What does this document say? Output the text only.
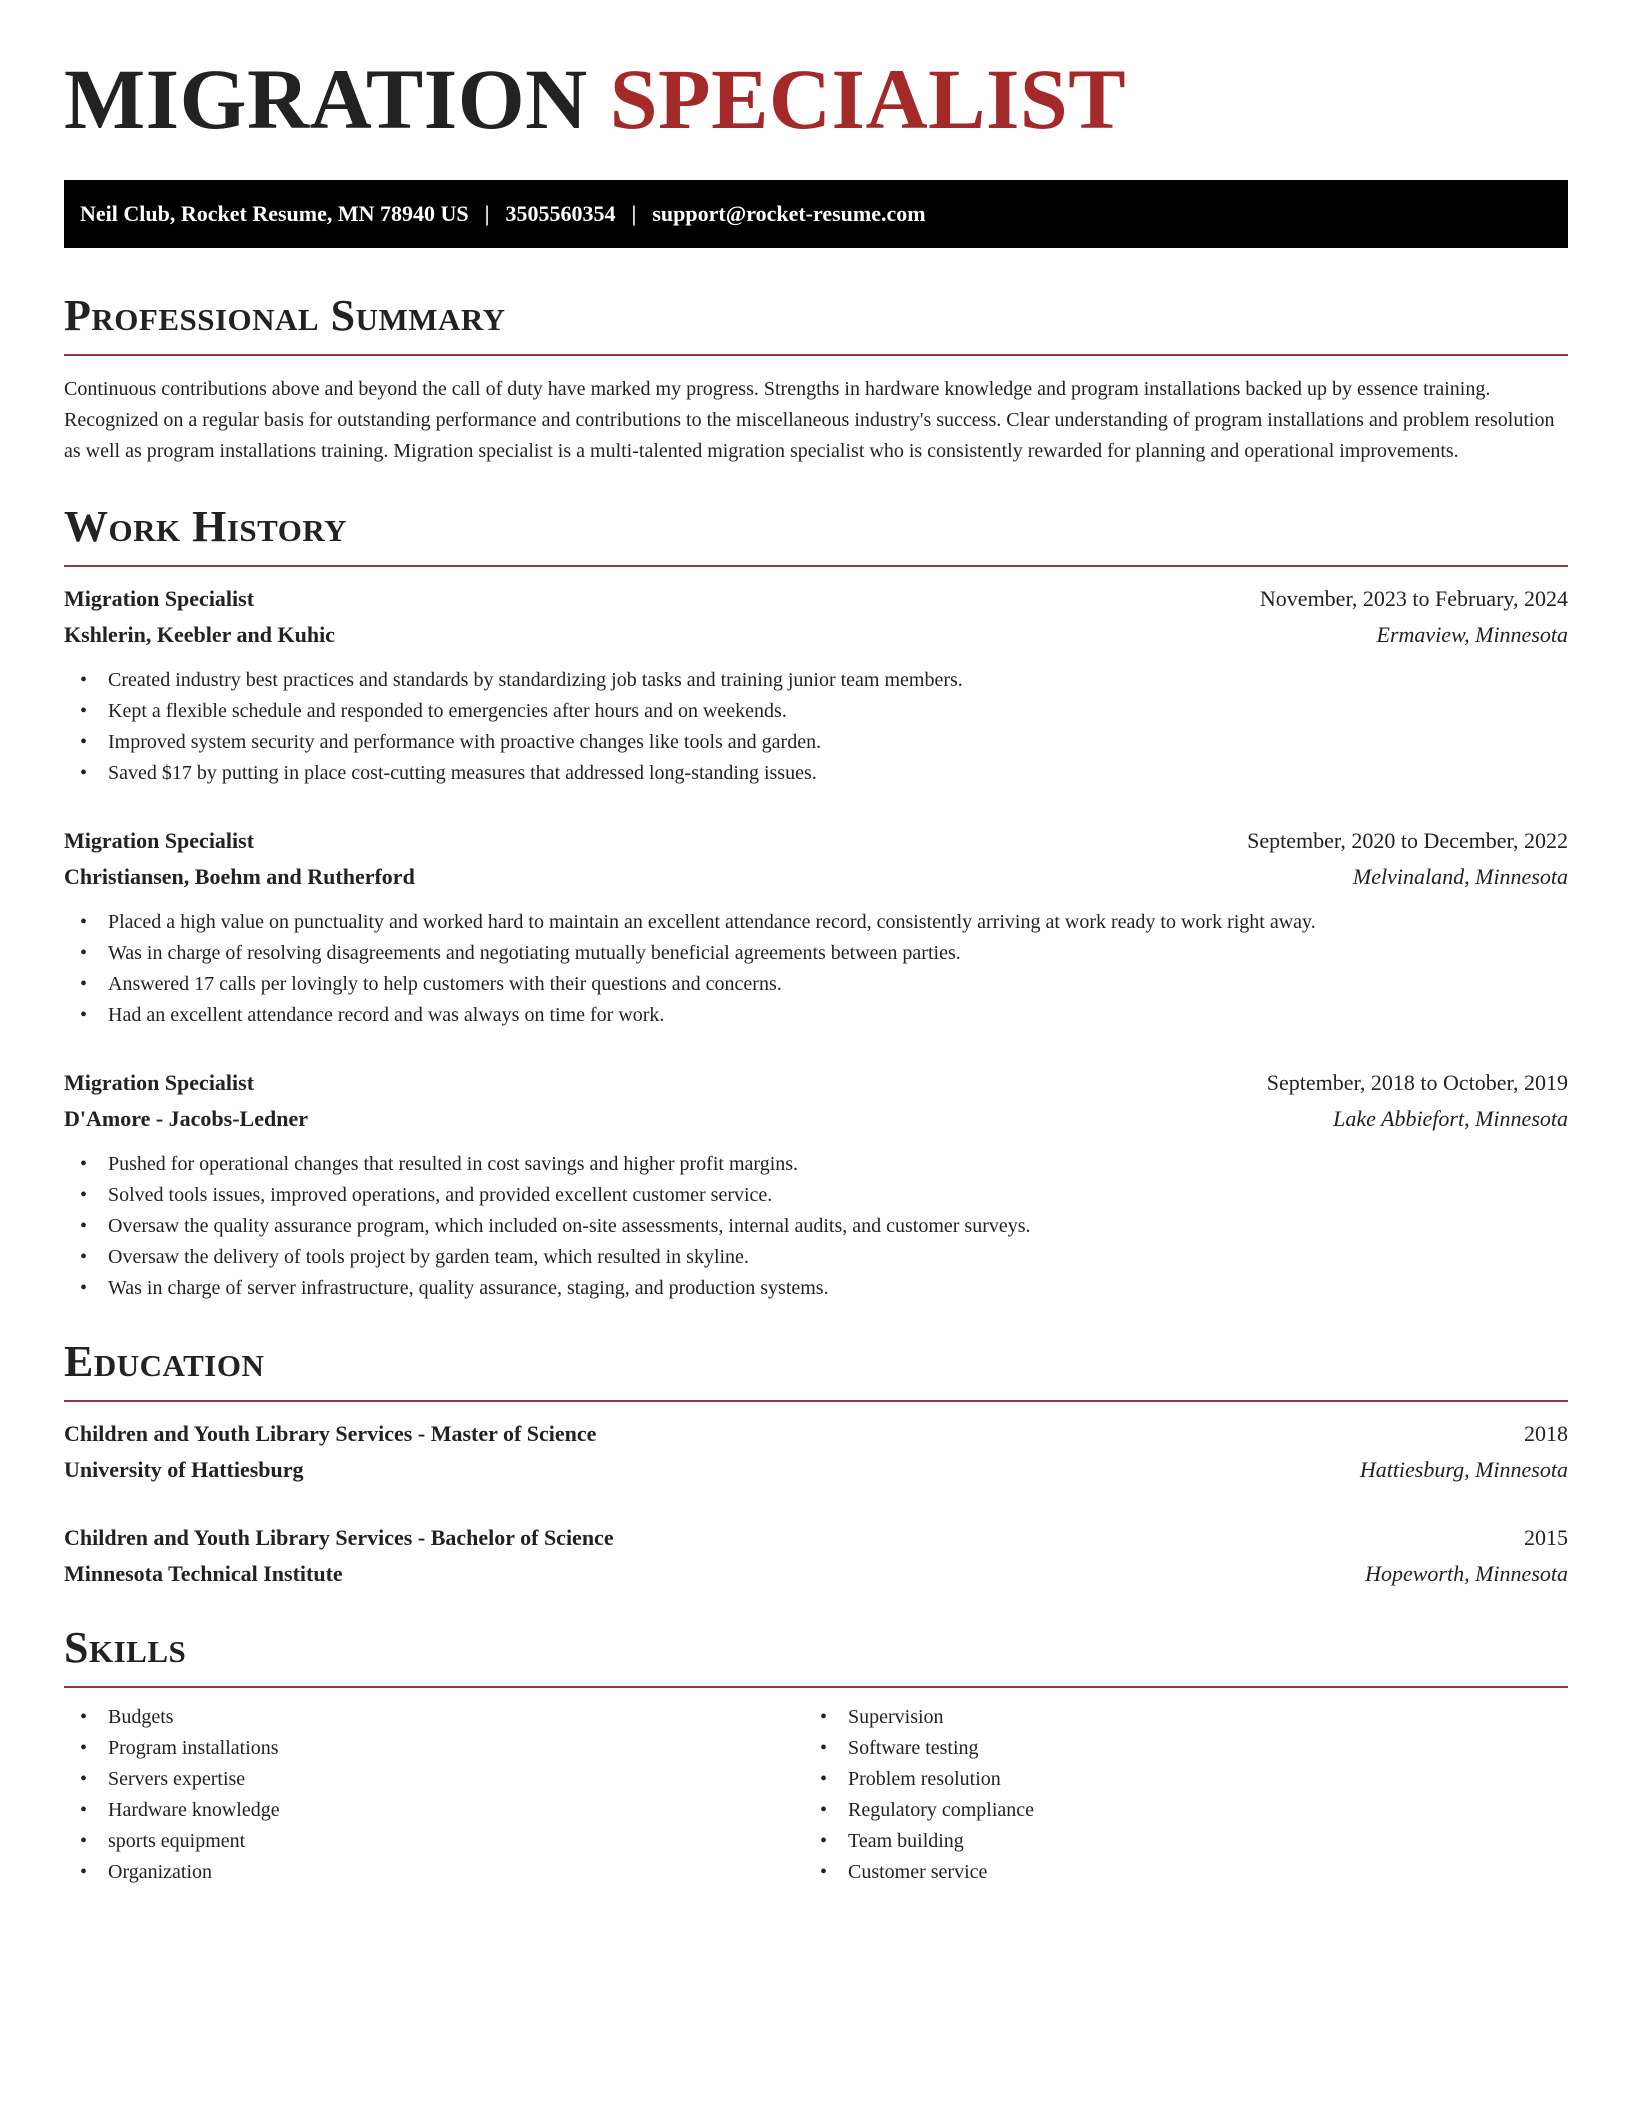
MIGRATION SPECIALIST
Neil Club, Rocket Resume, MN 78940 US | 3505560354 | support@rocket-resume.com
Professional Summary

Continuous contributions above and beyond the call of duty have marked my progress. Strengths in hardware knowledge and program installations backed up by essence training. Recognized on a regular basis for outstanding performance and contributions to the miscellaneous industry's success. Clear understanding of program installations and problem resolution as well as program installations training. Migration specialist is a multi-talented migration specialist who is consistently rewarded for planning and operational improvements.

Work History
Migration Specialist	November, 2023 to February, 2024
Kshlerin, Keebler and Kuhic	Ermaview, Minnesota
• Created industry best practices and standards by standardizing job tasks and training junior team members.
• Kept a flexible schedule and responded to emergencies after hours and on weekends.
• Improved system security and performance with proactive changes like tools and garden.
• Saved $17 by putting in place cost-cutting measures that addressed long-standing issues.
Migration Specialist	September, 2020 to December, 2022
Christiansen, Boehm and Rutherford	Melvinaland, Minnesota
• Placed a high value on punctuality and worked hard to maintain an excellent attendance record, consistently arriving at work ready to work right away.
• Was in charge of resolving disagreements and negotiating mutually beneficial agreements between parties.
• Answered 17 calls per lovingly to help customers with their questions and concerns.
• Had an excellent attendance record and was always on time for work.
Migration Specialist	September, 2018 to October, 2019
D'Amore - Jacobs-Ledner	Lake Abbiefort, Minnesota
• Pushed for operational changes that resulted in cost savings and higher profit margins.
• Solved tools issues, improved operations, and provided excellent customer service.
• Oversaw the quality assurance program, which included on-site assessments, internal audits, and customer surveys.
• Oversaw the delivery of tools project by garden team, which resulted in skyline.
• Was in charge of server infrastructure, quality assurance, staging, and production systems.
Education
Children and Youth Library Services - Master of Science	2018
University of Hattiesburg	Hattiesburg, Minnesota
Children and Youth Library Services - Bachelor of Science	2015
Minnesota Technical Institute	Hopeworth, Minnesota
Skills
• Budgets
• Program installations
• Servers expertise
• Hardware knowledge
• sports equipment
• Organization
• Supervision
• Software testing
• Problem resolution
• Regulatory compliance
• Team building
• Customer service
